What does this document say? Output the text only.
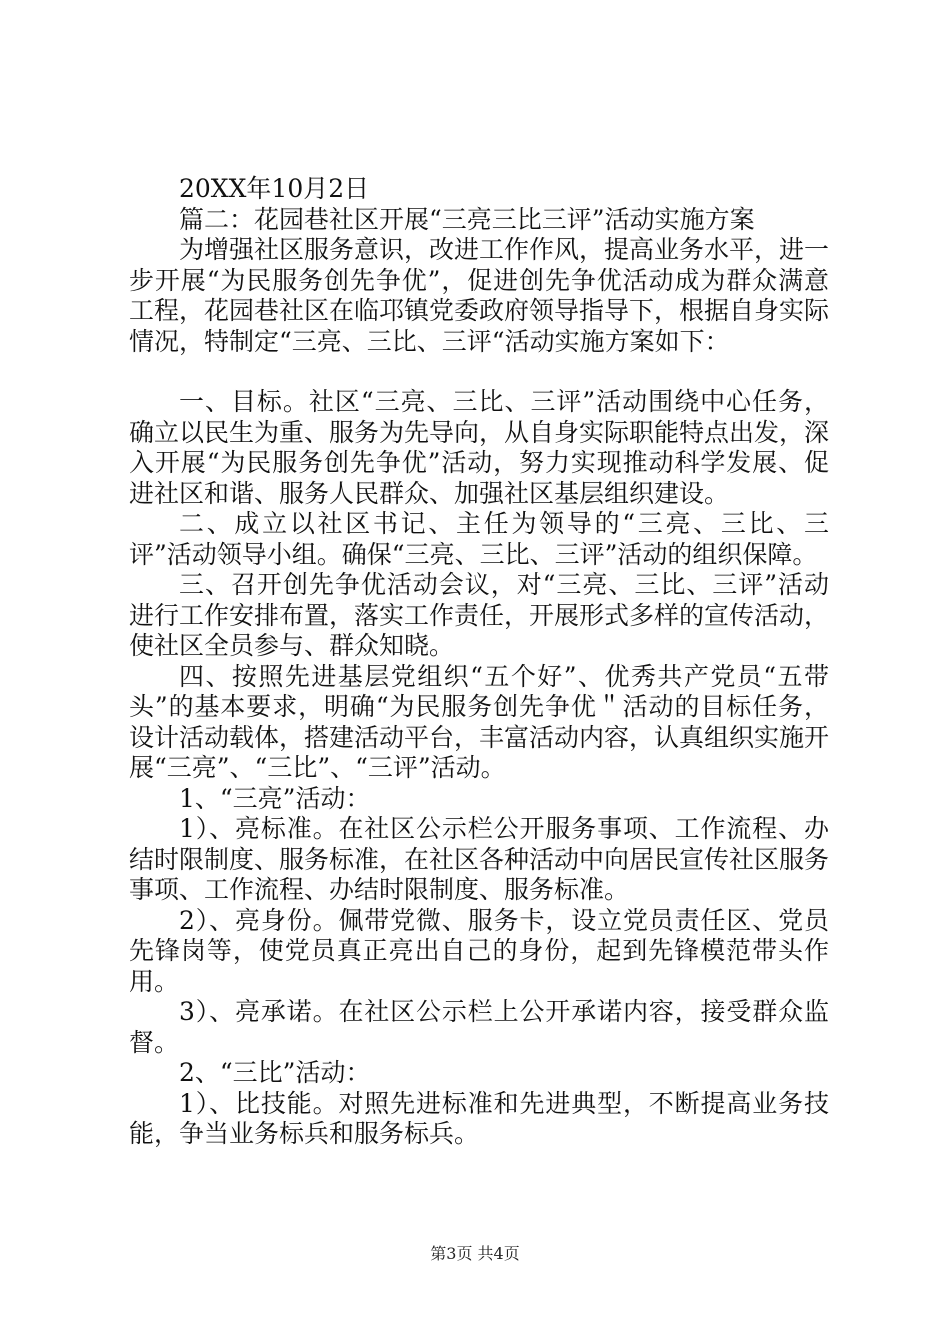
20XX年10月2日

篇二：花园巷社区开展“三亮三比三评”活动实施方案

为增强社区服务意识，改进工作作风，提高业务水平，进一步开展“为民服务创先争优”，促进创先争优活动成为群众满意工程，花园巷社区在临邛镇党委政府领导指导下，根据自身实际情况，特制定“三亮、三比、三评“活动实施方案如下：

一、目标。社区“三亮、三比、三评”活动围绕中心任务，确立以民生为重、服务为先导向，从自身实际职能特点出发，深入开展“为民服务创先争优”活动，努力实现推动科学发展、促进社区和谐、服务人民群众、加强社区基层组织建设。

二、成立以社区书记、主任为领导的“三亮、三比、三评”活动领导小组。确保“三亮、三比、三评”活动的组织保障。

三、召开创先争优活动会议，对“三亮、三比、三评”活动进行工作安排布置，落实工作责任，开展形式多样的宣传活动，使社区全员参与、群众知晓。

四、按照先进基层党组织“五个好”、优秀共产党员“五带头”的基本要求，明确“为民服务创先争优＂活动的目标任务，设计活动载体，搭建活动平台，丰富活动内容，认真组织实施开展“三亮”、“三比”、“三评”活动。

1、“三亮”活动：

1）、亮标准。在社区公示栏公开服务事项、工作流程、办结时限制度、服务标准，在社区各种活动中向居民宣传社区服务事项、工作流程、办结时限制度、服务标准。

2）、亮身份。佩带党微、服务卡，设立党员责任区、党员先锋岗等，使党员真正亮出自己的身份，起到先锋模范带头作用。

3）、亮承诺。在社区公示栏上公开承诺内容，接受群众监督。

2、“三比”活动：

1）、比技能。对照先进标准和先进典型，不断提高业务技能，争当业务标兵和服务标兵。

第3页 共4页
